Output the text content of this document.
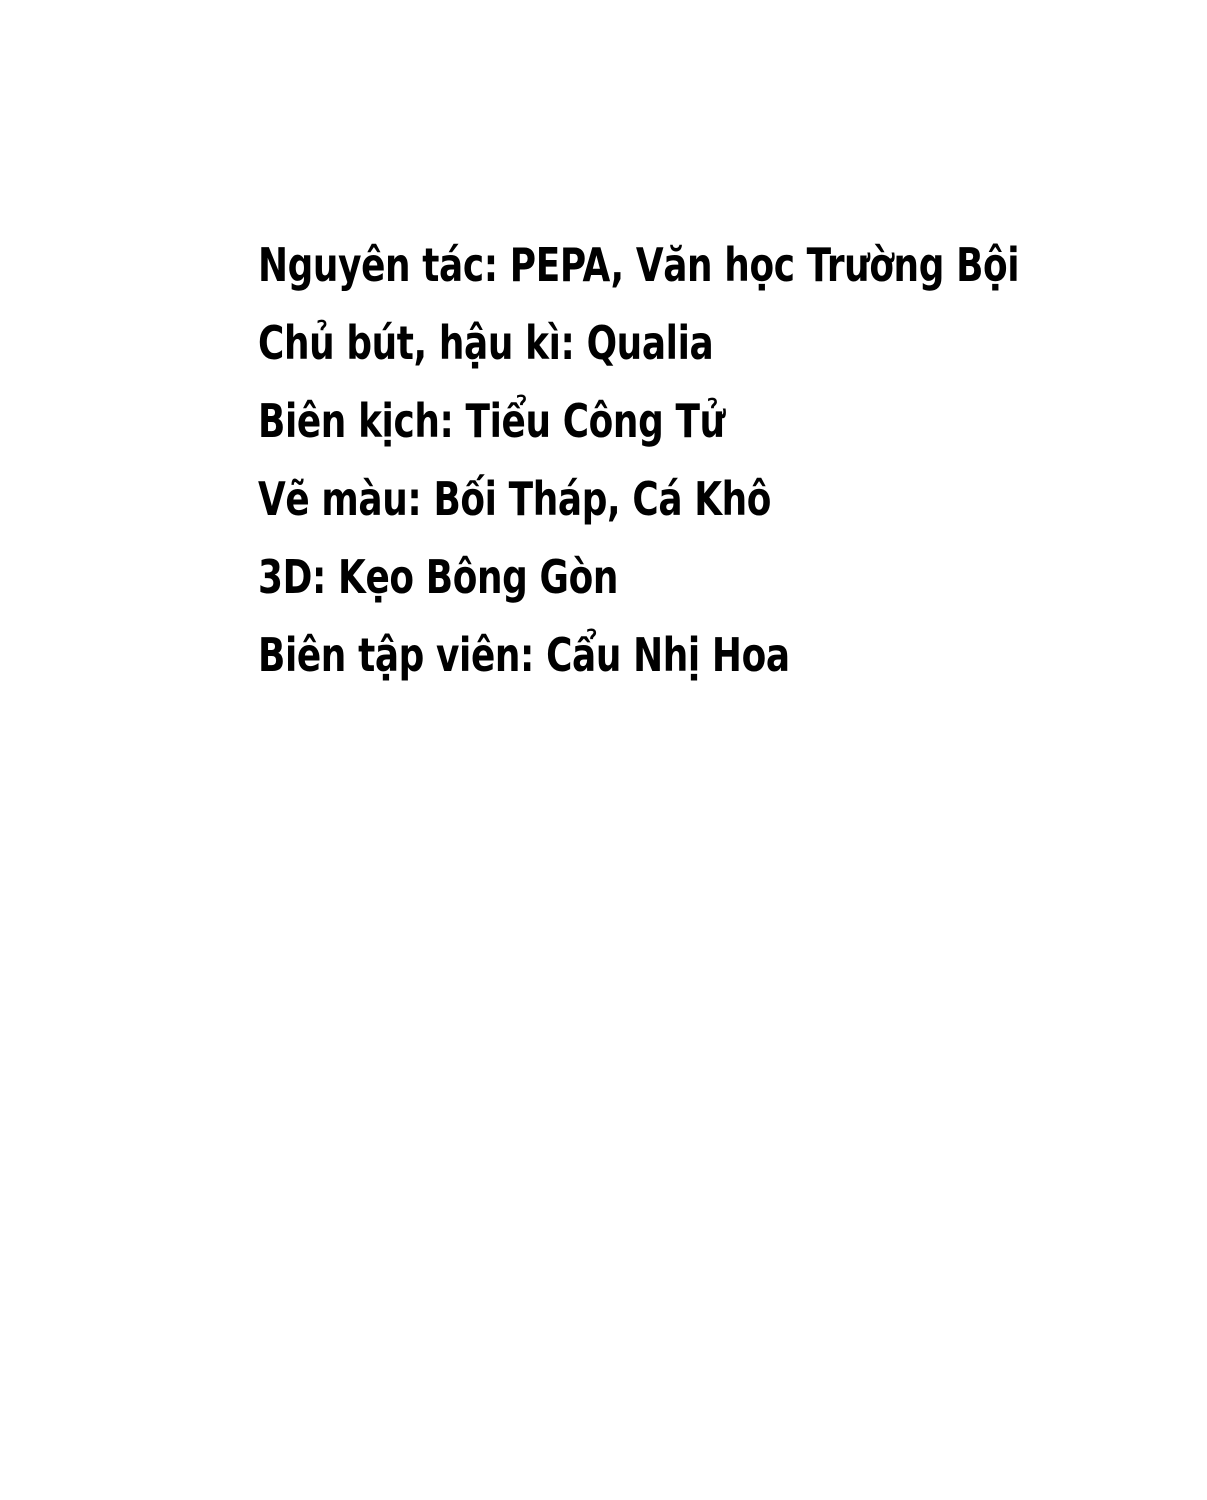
Nguyên tác: PEPA, Văn học Trường Bội
Chủ bút, hậu kì: Qualia
Biên kịch: Tiểu Công Tử
Vẽ màu: Bối Tháp, Cá Khô
3D: Kẹo Bông Gòn
Biên tập viên: Cẩu Nhị Hoa
